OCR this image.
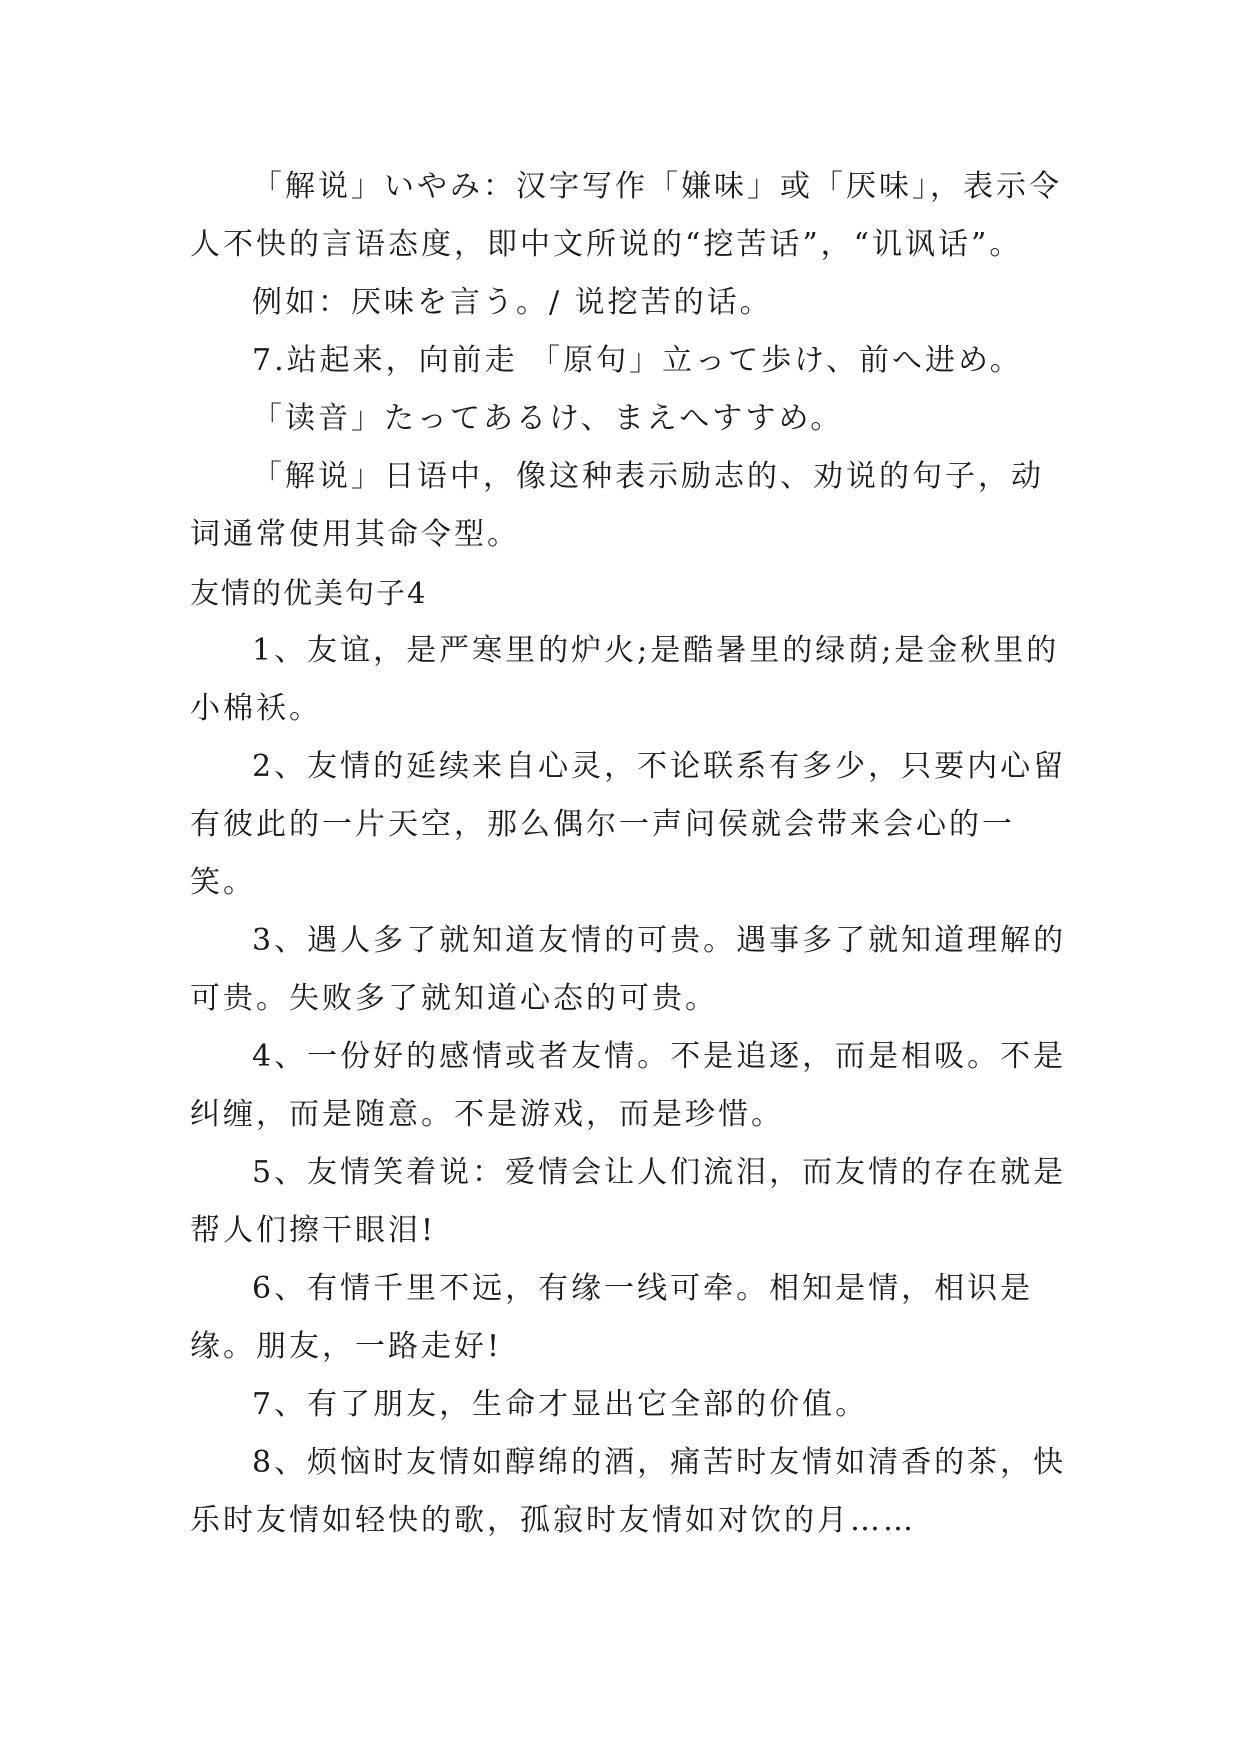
「解说」いやみ：汉字写作「嫌味」或「厌味」，表示令人不快的言语态度，即中文所说的“挖苦话”，“讥讽话”。

例如：厌味を言う。/ 说挖苦的话。

7.站起来，向前走 「原句」立って歩け、前へ进め。

「读音」たってあるけ、まえへすすめ。

「解说」日语中，像这种表示励志的、劝说的句子，动词通常使用其命令型。

友情的优美句子4

1、友谊，是严寒里的炉火;是酷暑里的绿荫;是金秋里的小棉袄。

2、友情的延续来自心灵，不论联系有多少，只要内心留有彼此的一片天空，那么偶尔一声问侯就会带来会心的一笑。

3、遇人多了就知道友情的可贵。遇事多了就知道理解的可贵。失败多了就知道心态的可贵。

4、一份好的感情或者友情。不是追逐，而是相吸。不是纠缠，而是随意。不是游戏，而是珍惜。

5、友情笑着说：爱情会让人们流泪，而友情的存在就是帮人们擦干眼泪!

6、有情千里不远，有缘一线可牵。相知是情，相识是缘。朋友，一路走好!

7、有了朋友，生命才显出它全部的价值。

8、烦恼时友情如醇绵的酒，痛苦时友情如清香的茶，快乐时友情如轻快的歌，孤寂时友情如对饮的月……
